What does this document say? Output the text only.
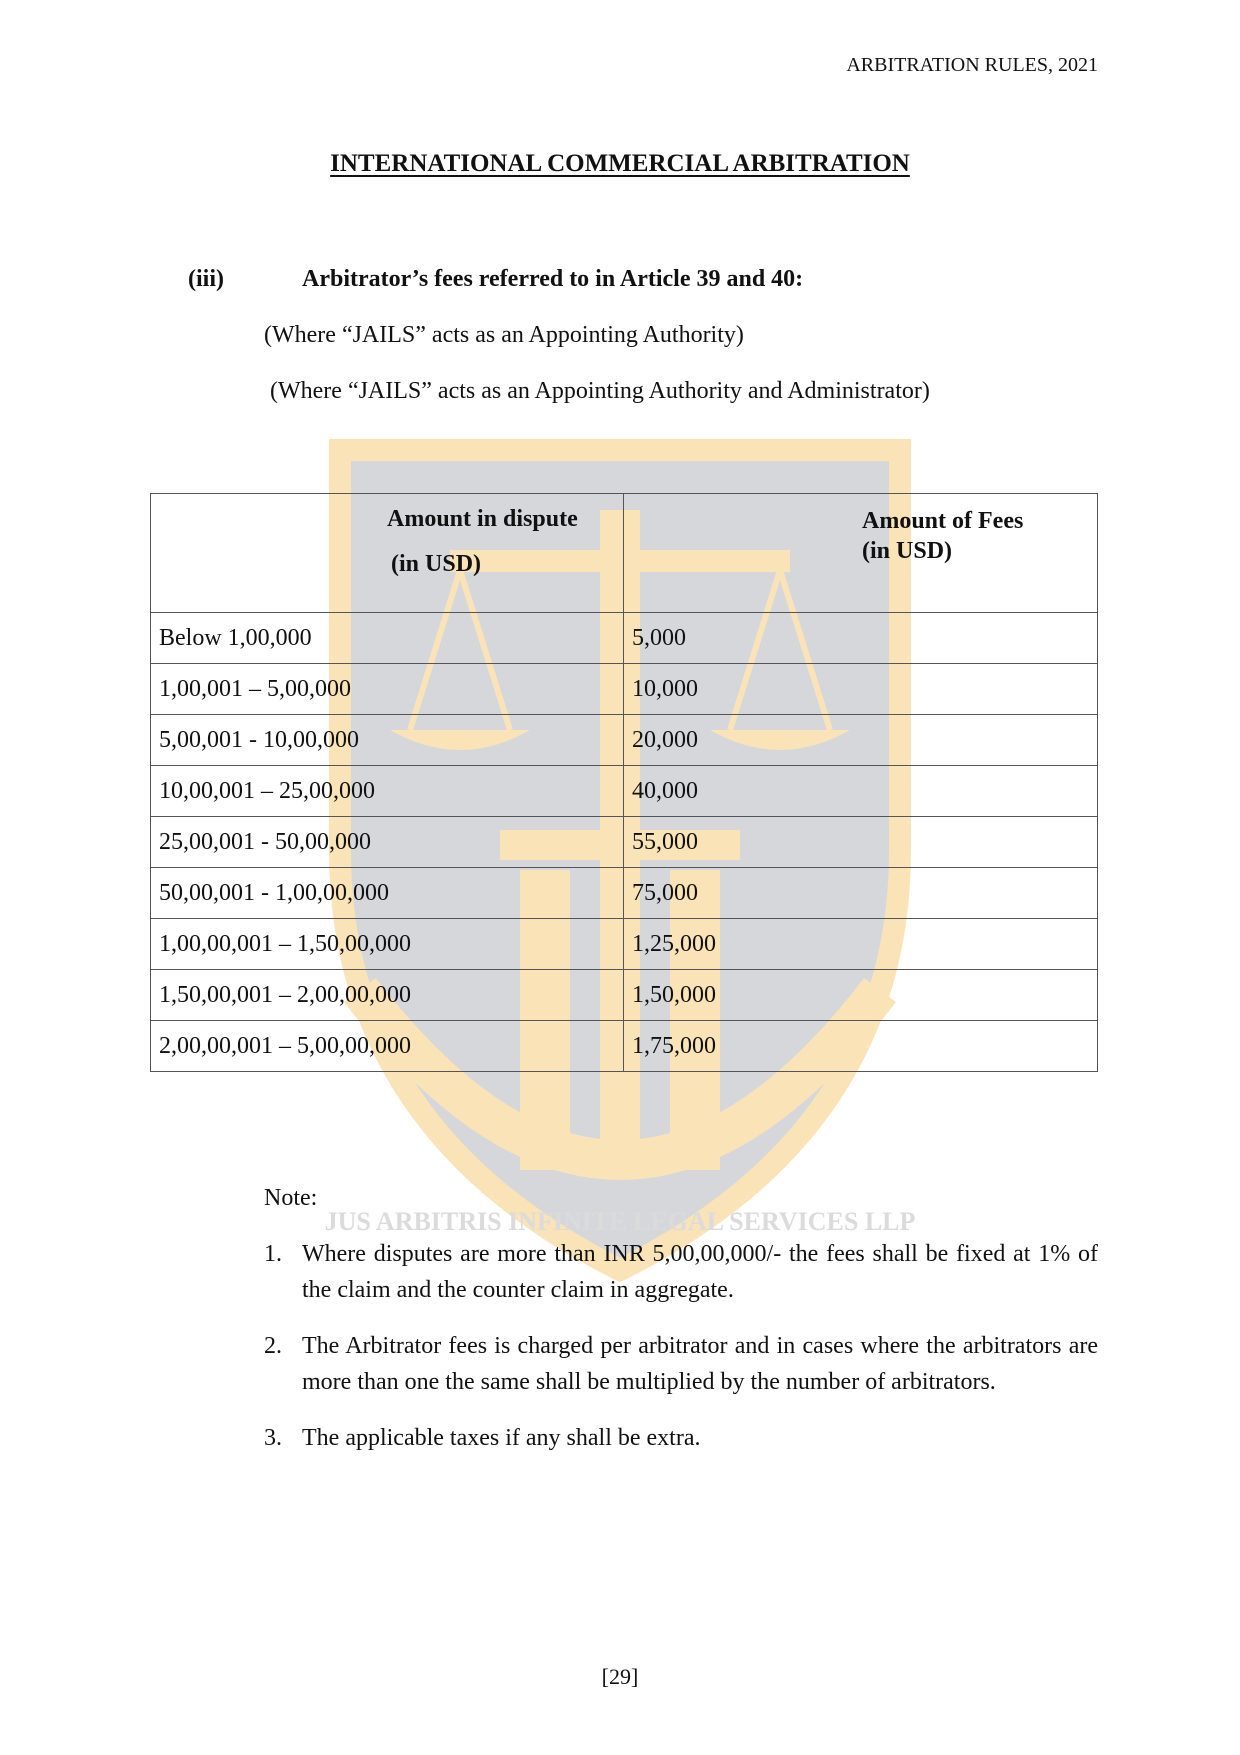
ARBITRATION RULES, 2021
JUS ARBITRIS INFINITE LEGAL SERVICES LLP
INTERNATIONAL COMMERCIAL ARBITRATION
(iii)	Arbitrator’s fees referred to in Article 39 and 40:
(Where “JAILS” acts as an Appointing Authority)
(Where “JAILS” acts as an Appointing Authority and Administrator)
Amount in dispute
(in USD)	Amount of Fees
(in USD)

Below 1,00,000	5,000
1,00,001 – 5,00,000	10,000
5,00,001 - 10,00,000	20,000
10,00,001 – 25,00,000	40,000
25,00,001 - 50,00,000	55,000
50,00,001 - 1,00,00,000	75,000
1,00,00,001 – 1,50,00,000	1,25,000
1,50,00,001 – 2,00,00,000	1,50,000
2,00,00,001 – 5,00,00,000	1,75,000
Note:
1. Where disputes are more than INR 5,00,00,000/- the fees shall be fixed at 1% of the claim and the counter claim in aggregate.
2. The Arbitrator fees is charged per arbitrator and in cases where the arbitrators are more than one the same shall be multiplied by the number of arbitrators.
3. The applicable taxes if any shall be extra.
[29]
